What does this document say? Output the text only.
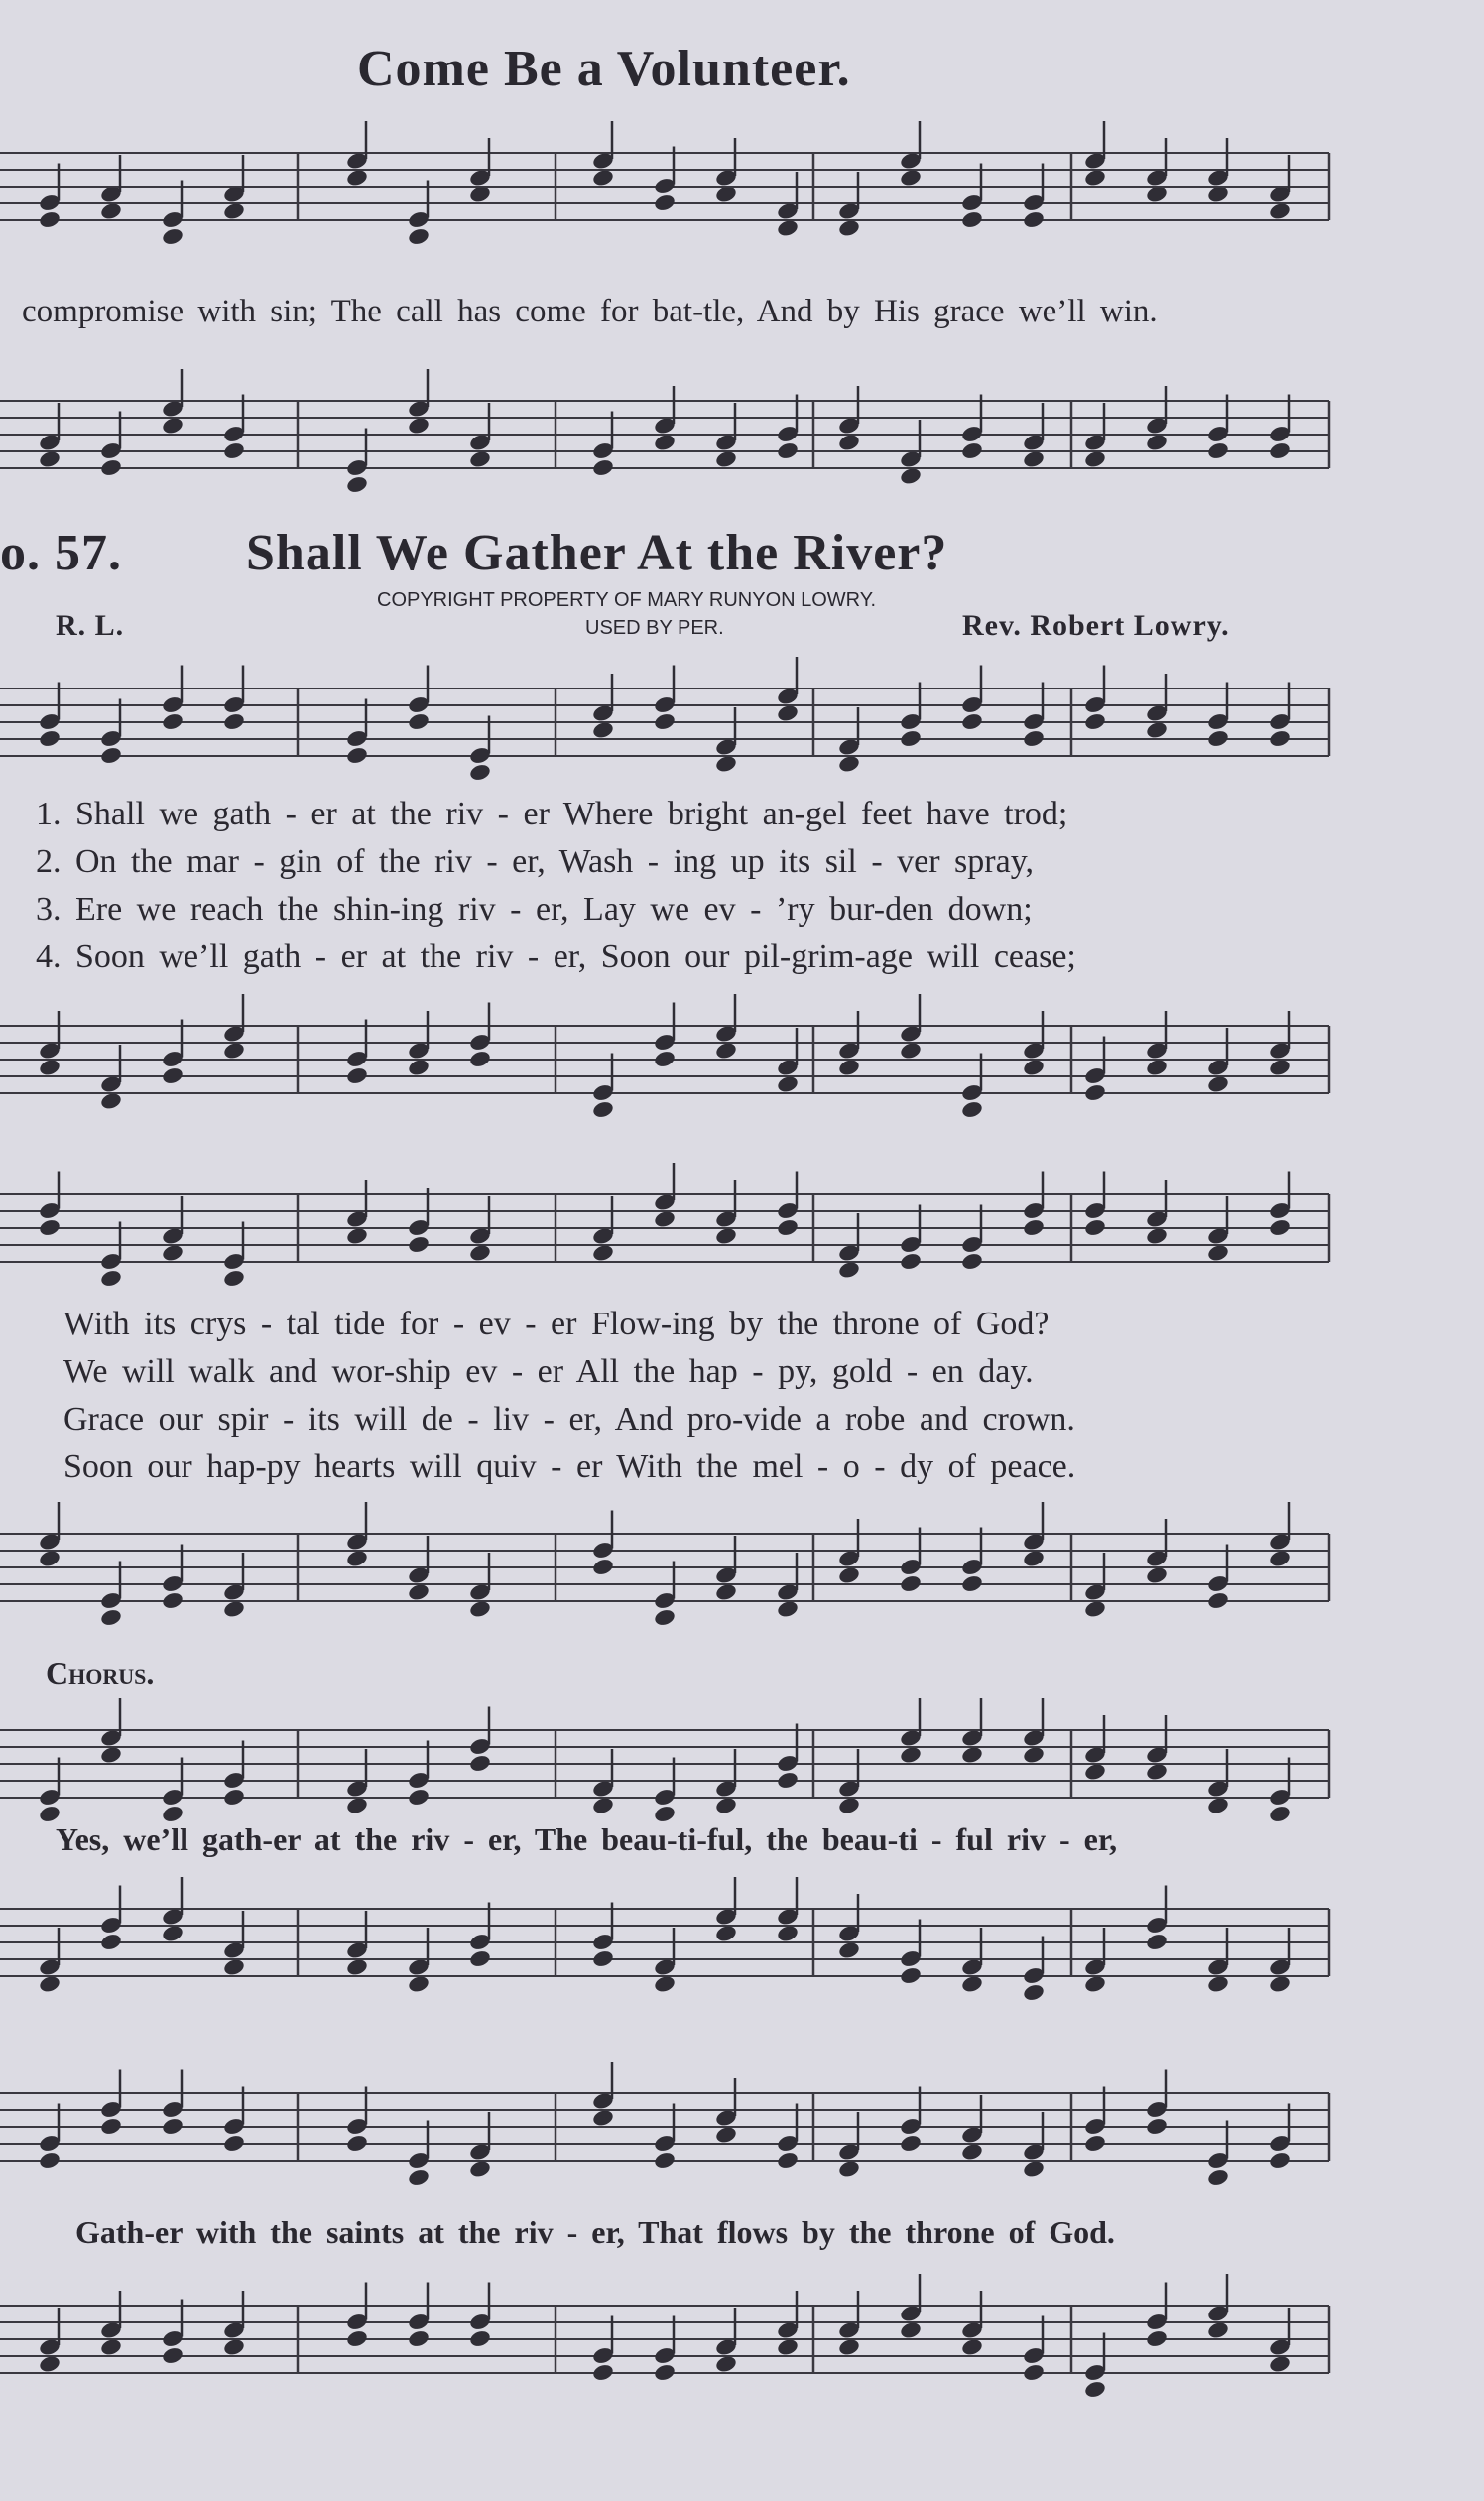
Come Be a Volunteer.
compromise with sin; The call has come for bat-tle, And by His grace we’ll win.
o. 57. Shall We Gather At the River?
COPYRIGHT PROPERTY OF MARY RUNYON LOWRY.
R. L.	USED BY PER.	Rev. Robert Lowry.
1. Shall we gath - er at the riv - er Where bright an-gel feet have trod;
2. On the mar - gin of the riv - er, Wash - ing up its sil - ver spray,
3. Ere we reach the shin-ing riv - er, Lay we ev - ’ry bur-den down;
4. Soon we’ll gath - er at the riv - er, Soon our pil-grim-age will cease;
With its crys - tal tide for - ev - er Flow-ing by the throne of God?
We will walk and wor-ship ev - er All the hap - py, gold - en day.
Grace our spir - its will de - liv - er, And pro-vide a robe and crown.
Soon our hap-py hearts will quiv - er With the mel - o - dy of peace.
Chorus.
Yes, we’ll gath-er at the riv - er, The beau-ti-ful, the beau-ti - ful riv - er,
Gath-er with the saints at the riv - er, That flows by the throne of God.
